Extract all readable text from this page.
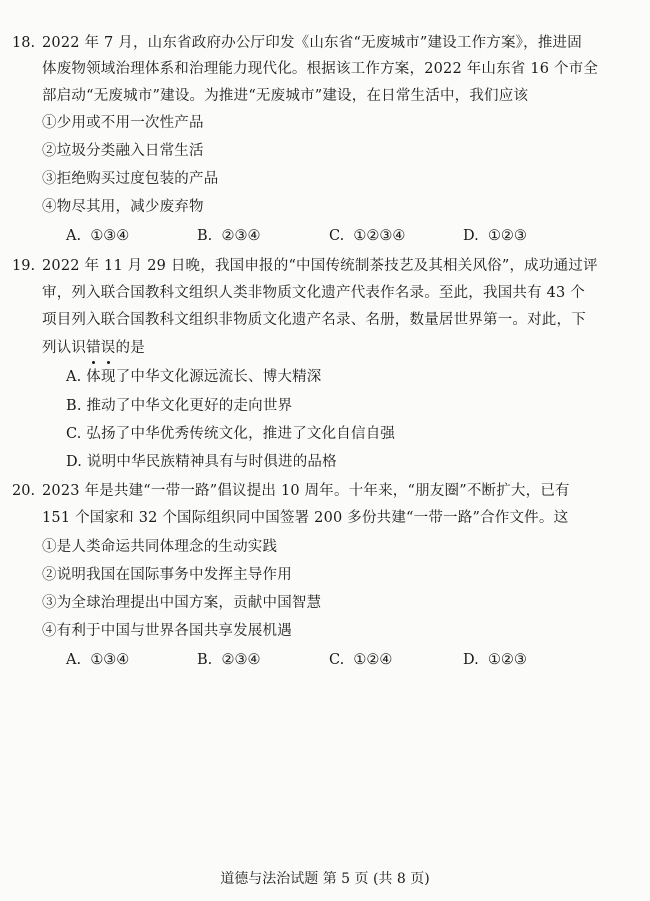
18. 2022 年 7 月，山东省政府办公厅印发《山东省“无废城市”建设工作方案》，推进固
体废物领域治理体系和治理能力现代化。根据该工作方案，2022 年山东省 16 个市全
部启动“无废城市”建设。为推进“无废城市”建设，在日常生活中，我们应该
①少用或不用一次性产品
②垃圾分类融入日常生活
③拒绝购买过度包装的产品
④物尽其用，减少废弃物
A. ①③④	B. ②③④	C. ①②③④	D. ①②③
19. 2022 年 11 月 29 日晚，我国申报的“中国传统制茶技艺及其相关风俗”，成功通过评
审，列入联合国教科文组织人类非物质文化遗产代表作名录。至此，我国共有 43 个
项目列入联合国教科文组织非物质文化遗产名录、名册，数量居世界第一。对此，下
列认识错误
的是
A. 体现了中华文化源远流长、博大精深
B. 推动了中华文化更好的走向世界
C. 弘扬了中华优秀传统文化，推进了文化自信自强
D. 说明中华民族精神具有与时俱进的品格
20. 2023 年是共建“一带一路”倡议提出 10 周年。十年来，“朋友圈”不断扩大，已有
151 个国家和 32 个国际组织同中国签署 200 多份共建“一带一路”合作文件。这
①是人类命运共同体理念的生动实践
②说明我国在国际事务中发挥主导作用
③为全球治理提出中国方案，贡献中国智慧
④有利于中国与世界各国共享发展机遇
A. ①③④	B. ②③④	C. ①②④	D. ①②③
道德与法治试题 第 5 页 (共 8 页)
